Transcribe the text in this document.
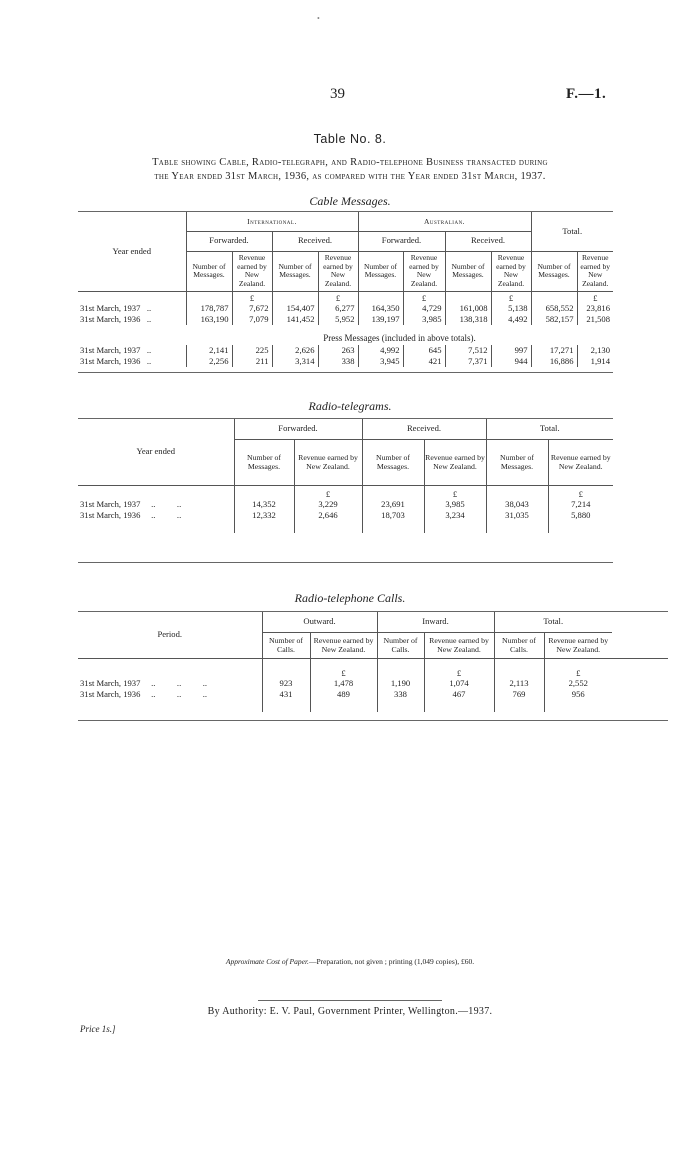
•
39	F.—1.
Table No. 8.
Table showing Cable, Radio-telegraph, and Radio-telephone Business transacted during
the Year ended 31st March, 1936, as compared with the Year ended 31st March, 1937.
Cable Messages.
Year ended	International.				Australian.				Total.	
	Forwarded.		Received.		Forwarded.		Received.			
	Number of Messages.	Revenue earned by New Zealand.	Number of Messages.	Revenue earned by New Zealand.	Number of Messages.	Revenue earned by New Zealand.	Number of Messages.	Revenue earned by New Zealand.	Number of Messages.	Revenue earned by New Zealand.
		£		£		£		£		£
31st March, 1937 ..	178,787	7,672	154,407	6,277	164,350	4,729	161,008	5,138	658,552	23,816
31st March, 1936 ..	163,190	7,079	141,452	5,952	139,197	3,985	138,318	4,492	582,157	21,508
	Press Messages (included in above totals).									
31st March, 1937 ..	2,141	225	2,626	263	4,992	645	7,512	997	17,271	2,130
31st March, 1936 ..	2,256	211	3,314	338	3,945	421	7,371	944	16,886	1,914
Radio-telegrams.
Year ended	Forwarded.		Received.		Total.	
	Number of Messages.	Revenue earned by New Zealand.	Number of Messages.	Revenue earned by New Zealand.	Number of Messages.	Revenue earned by New Zealand.
		£		£		£
31st March, 1937 ..          ..	14,352	3,229	23,691	3,985	38,043	7,214
31st March, 1936 ..          ..	12,332	2,646	18,703	3,234	31,035	5,880

Radio-telephone Calls.
Period.	Outward.		Inward.		Total.		
	Number of Calls.	Revenue earned by New Zealand.	Number of Calls.	Revenue earned by New Zealand.	Number of Calls.	Revenue earned by New Zealand.	
		£		£		£	
31st March, 1937 ..          ..          ..	923	1,478	1,190	1,074	2,113	2,552	
31st March, 1936 ..          ..          ..	431	489	338	467	769	956	

Approximate Cost of Paper.—Preparation, not given ; printing (1,049 copies), £60.
By Authority: E. V. Paul, Government Printer, Wellington.—1937.
Price 1s.]
